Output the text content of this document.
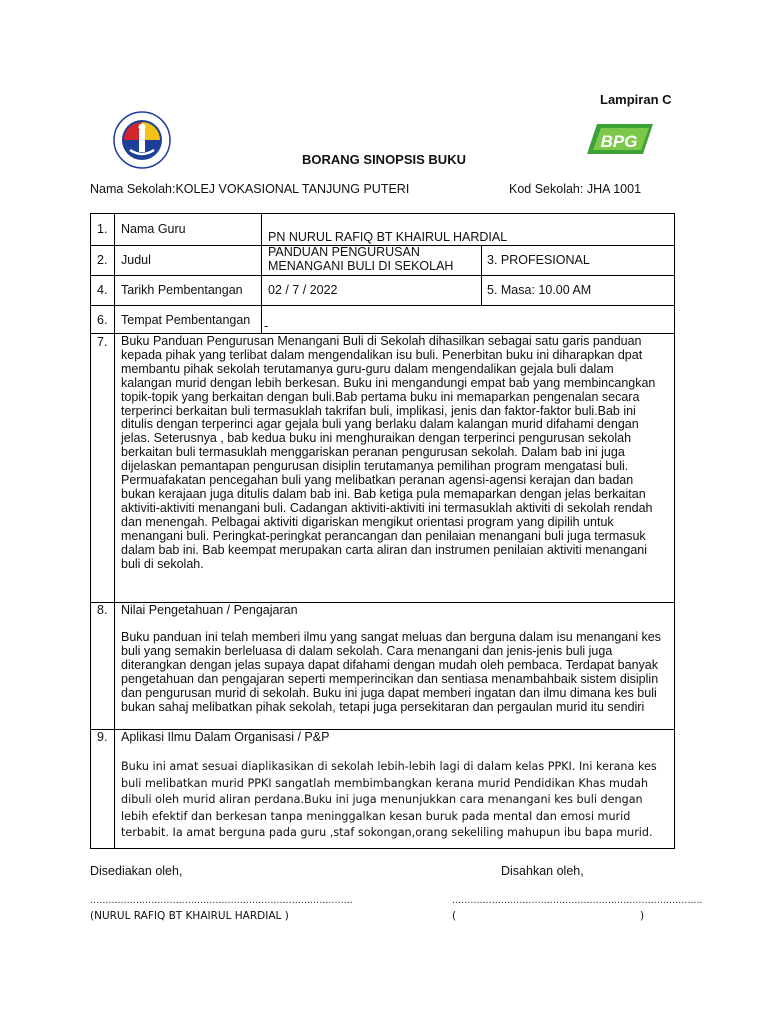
Lampiran C
BPG
BORANG SINOPSIS BUKU
Nama Sekolah:KOLEJ VOKASIONAL TANJUNG PUTERI	Kod Sekolah: JHA 1001
1. Nama Guru
PN NURUL RAFIQ BT KHAIRUL HARDIAL
2. Judul
PANDUAN PENGURUSAN
MENANGANI BULI DI SEKOLAH	3. PROFESIONAL
4. Tarikh Pembentangan 02 / 7 / 2022	5. Masa: 10.00 AM
6. Tempat Pembentangan -
7. Buku Panduan Pengurusan Menangani Buli di Sekolah dihasilkan sebagai satu garis panduan

kepada pihak yang terlibat dalam mengendalikan isu buli. Penerbitan buku ini diharapkan dpat

membantu pihak sekolah terutamanya guru-guru dalam mengendalikan gejala buli dalam

kalangan murid dengan lebih berkesan. Buku ini mengandungi empat bab yang membincangkan

topik-topik yang berkaitan dengan buli.Bab pertama buku ini memaparkan pengenalan secara

terperinci berkaitan buli termasuklah takrifan buli, implikasi, jenis dan faktor-faktor buli.Bab ini

ditulis dengan terperinci agar gejala buli yang berlaku dalam kalangan murid difahami dengan

jelas. Seterusnya , bab kedua buku ini menghuraikan dengan terperinci pengurusan sekolah

berkaitan buli termasuklah menggariskan peranan pengurusan sekolah. Dalam bab ini juga

dijelaskan pemantapan pengurusan disiplin terutamanya pemilihan program mengatasi buli.

Permuafakatan pencegahan buli yang melibatkan peranan agensi-agensi kerajan dan badan

bukan kerajaan juga ditulis dalam bab ini. Bab ketiga pula memaparkan dengan jelas berkaitan

aktiviti-aktiviti menangani buli. Cadangan aktiviti-aktiviti ini termasuklah aktiviti di sekolah rendah

dan menengah. Pelbagai aktiviti digariskan mengikut orientasi program yang dipilih untuk

menangani buli. Peringkat-peringkat perancangan dan penilaian menangani buli juga termasuk

dalam bab ini. Bab keempat merupakan carta aliran dan instrumen penilaian aktiviti menangani

buli di sekolah.

8. Nilai Pengetahuan / Pengajaran

Buku panduan ini telah memberi ilmu yang sangat meluas dan berguna dalam isu menangani kes

buli yang semakin berleluasa di dalam sekolah. Cara menangani dan jenis-jenis buli juga

diterangkan dengan jelas supaya dapat difahami dengan mudah oleh pembaca. Terdapat banyak

pengetahuan dan pengajaran seperti memperincikan dan sentiasa menambahbaik sistem disiplin

dan pengurusan murid di sekolah. Buku ini juga dapat memberi ingatan dan ilmu dimana kes buli

bukan sahaj melibatkan pihak sekolah, tetapi juga persekitaran dan pergaulan murid itu sendiri

9. Aplikasi Ilmu Dalam Organisasi / P&P

Buku ini amat sesuai diaplikasikan di sekolah lebih-lebih lagi di dalam kelas PPKI. Ini kerana kes

buli melibatkan murid PPKI sangatlah membimbangkan kerana murid Pendidikan Khas mudah

dibuli oleh murid aliran perdana.Buku ini juga menunjukkan cara menangani kes buli dengan

lebih efektif dan berkesan tanpa meninggalkan kesan buruk pada mental dan emosi murid

terbabit. Ia amat berguna pada guru ,staf sokongan,orang sekeliling mahupun ibu bapa murid.

Disediakan oleh,	Disahkan oleh,
......................................................................................	..................................................................................
(NURUL RAFIQ BT KHAIRUL HARDIAL )	(	)
